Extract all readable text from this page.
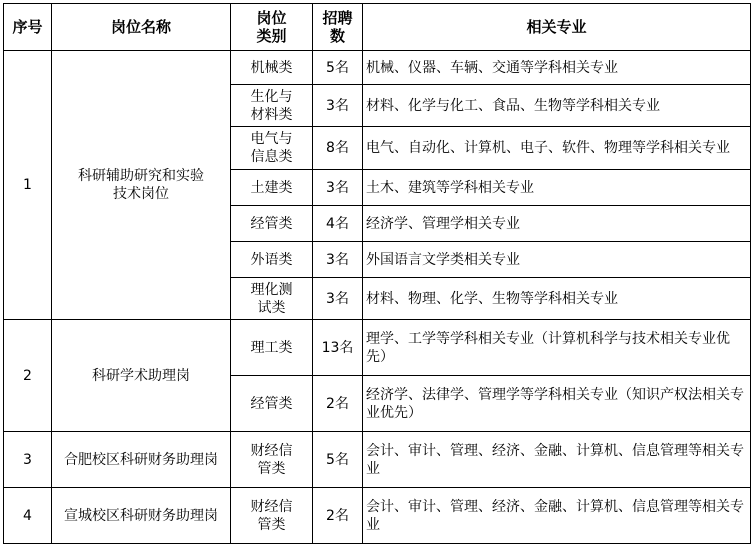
序号	岗位名称	岗位类别	招聘数	相关专业
1	科研辅助研究和实验技术岗位	机械类	5名	机械、仪器、车辆、交通等学科相关专业
		生化与材料类	3名	材料、化学与化工、食品、生物等学科相关专业
		电气与信息类	8名	电气、自动化、计算机、电子、软件、物理等学科相关专业
		土建类	3名	土木、建筑等学科相关专业
		经管类	4名	经济学、管理学相关专业
		外语类	3名	外国语言文学类相关专业
		理化测试类	3名	材料、物理、化学、生物等学科相关专业
2	科研学术助理岗	理工类	13名	理学、工学等学科相关专业（计算机科学与技术相关专业优先）
		经管类	2名	经济学、法律学、管理学等学科相关专业（知识产权法相关专业优先）
3	合肥校区科研财务助理岗	财经信管类	5名	会计、审计、管理、经济、金融、计算机、信息管理等相关专业
4	宣城校区科研财务助理岗	财经信管类	2名	会计、审计、管理、经济、金融、计算机、信息管理等相关专业
